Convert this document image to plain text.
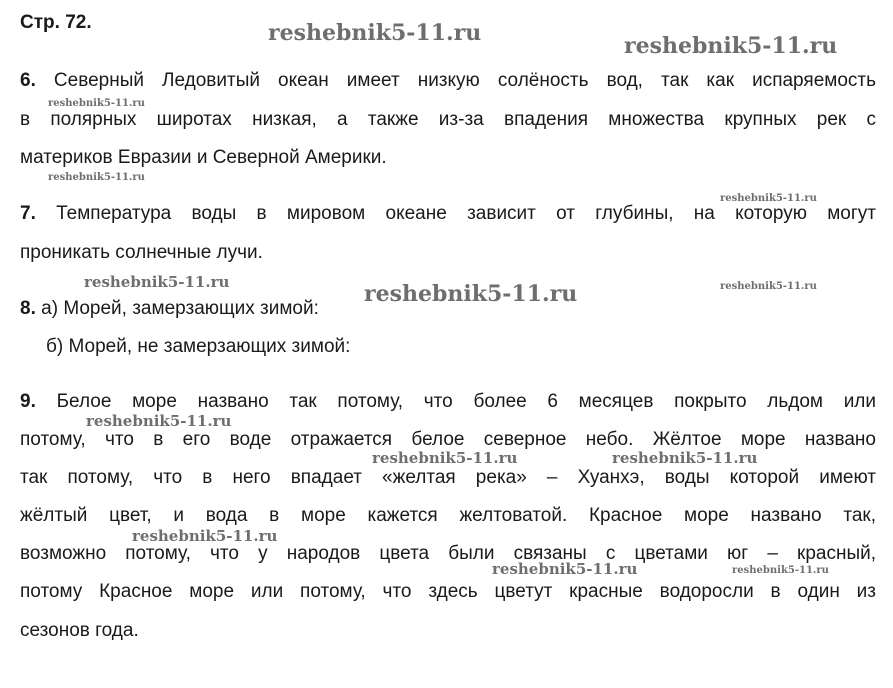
Стр. 72.
6. Северный Ледовитый океан имеет низкую солёность вод, так как испаряемость
в полярных широтах низкая, а также из-за впадения множества крупных рек с
материков Евразии и Северной Америки.
7. Температура воды в мировом океане зависит от глубины, на которую могут
проникать солнечные лучи.
8. а) Морей, замерзающих зимой:
б) Морей, не замерзающих зимой:
9. Белое море названо так потому, что более 6 месяцев покрыто льдом или
потому, что в его воде отражается белое северное небо. Жёлтое море названо
так потому, что в него впадает «желтая река» – Хуанхэ, воды которой имеют
жёлтый цвет, и вода в море кажется желтоватой. Красное море названо так,
возможно потому, что у народов цвета были связаны с цветами юг – красный,
потому Красное море или потому, что здесь цветут красные водоросли в один из
сезонов года.
reshebnik5-11.ru	reshebnik5-11.ru
reshebnik5-11.ru
reshebnik5-11.ru
reshebnik5-11.ru
reshebnik5-11.ru	reshebnik5-11.ru	reshebnik5-11.ru
reshebnik5-11.ru
reshebnik5-11.ru	reshebnik5-11.ru
reshebnik5-11.ru
reshebnik5-11.ru	reshebnik5-11.ru
